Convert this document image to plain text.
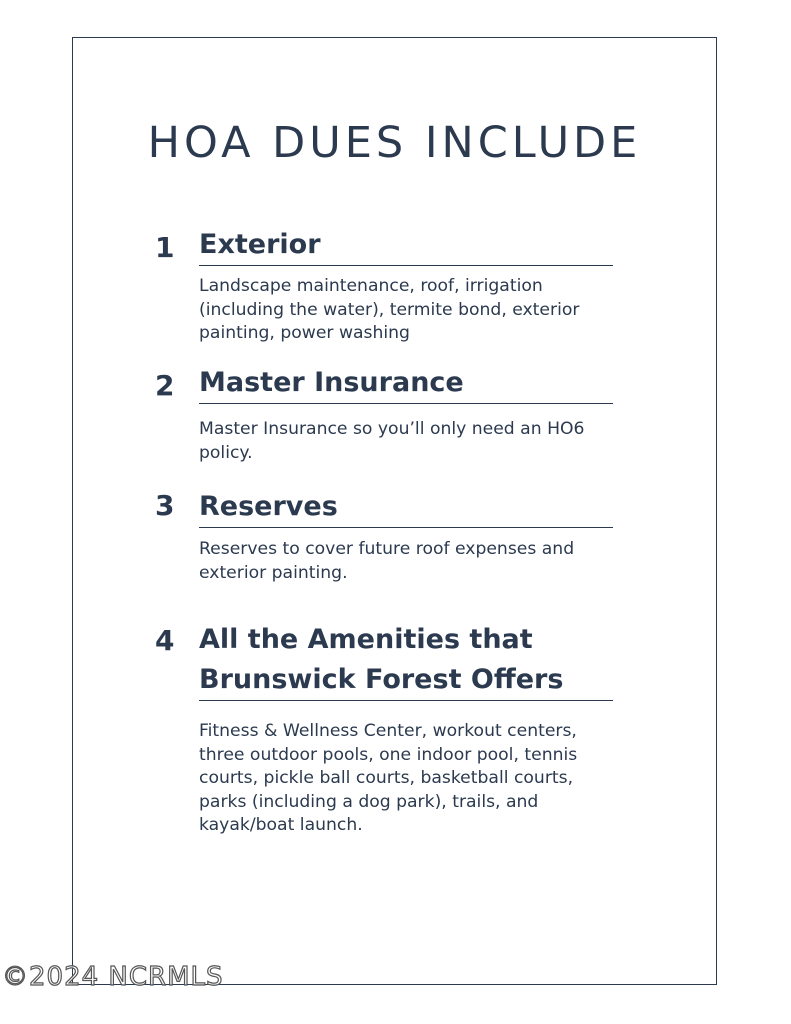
HOA DUES INCLUDE
1 Exterior

Landscape maintenance, roof, irrigation (including the water), termite bond, exterior painting, power washing

2 Master Insurance

Master Insurance so you’ll only need an HO6 policy.

3 Reserves

Reserves to cover future roof expenses and exterior painting.

4 All the Amenities that Brunswick Forest Offers

Fitness & Wellness Center, workout centers, three outdoor pools, one indoor pool, tennis courts, pickle ball courts, basketball courts, parks (including a dog park), trails, and kayak/boat launch.

©2024 NCRMLS
